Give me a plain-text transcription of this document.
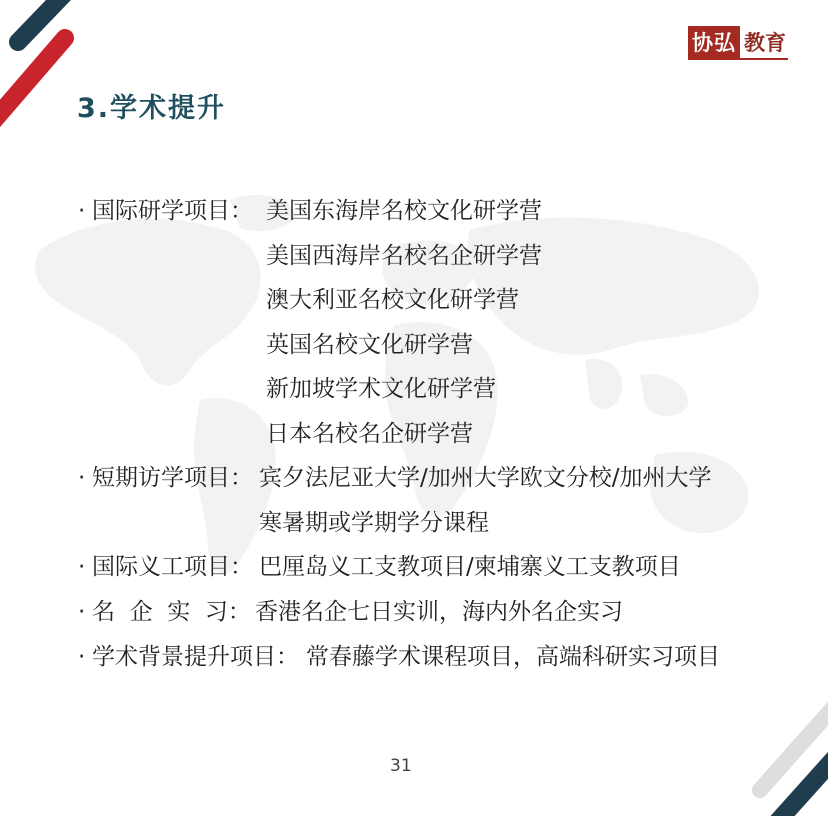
协弘 教育
3.学术提升
· 国际研学项目： 美国东海岸名校文化研学营
美国西海岸名校名企研学营
澳大利亚名校文化研学营
英国名校文化研学营
新加坡学术文化研学营
日本名校名企研学营
· 短期访学项目： 宾夕法尼亚大学/加州大学欧文分校/加州大学
寒暑期或学期学分课程
· 国际义工项目： 巴厘岛义工支教项目/柬埔寨义工支教项目
· 名  企  实  习： 香港名企七日实训，海内外名企实习
· 学术背景提升项目： 常春藤学术课程项目，高端科研实习项目
31
